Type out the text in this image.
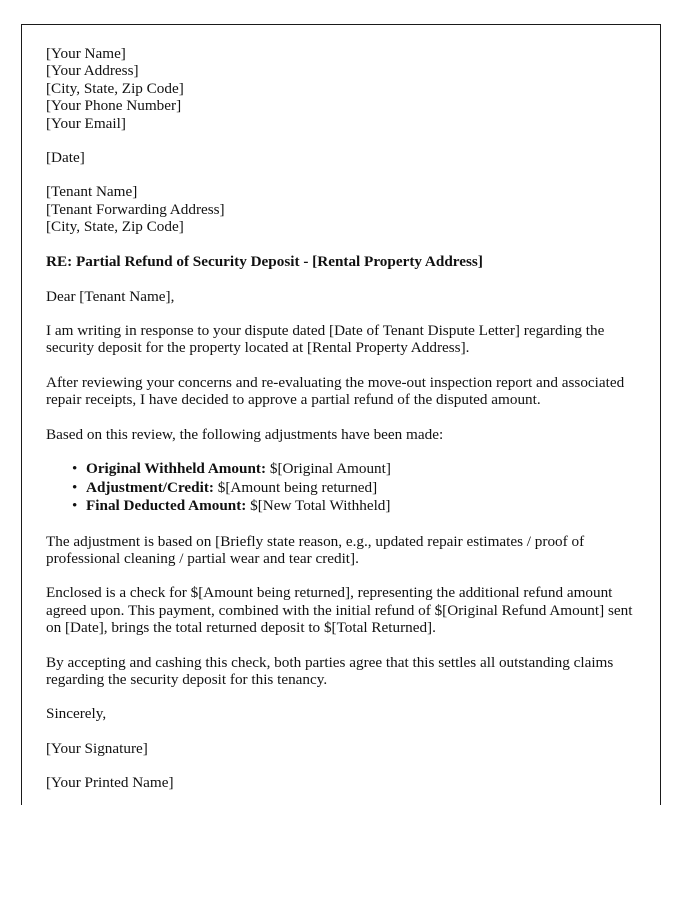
[Your Name]
[Your Address]
[City, State, Zip Code]
[Your Phone Number]
[Your Email]
[Date]
[Tenant Name]
[Tenant Forwarding Address]
[City, State, Zip Code]
RE: Partial Refund of Security Deposit - [Rental Property Address]
Dear [Tenant Name],
I am writing in response to your dispute dated [Date of Tenant Dispute Letter] regarding the security deposit for the property located at [Rental Property Address].
After reviewing your concerns and re-evaluating the move-out inspection report and associated repair receipts, I have decided to approve a partial refund of the disputed amount.
Based on this review, the following adjustments have been made:
• Original Withheld Amount: $[Original Amount]
• Adjustment/Credit: $[Amount being returned]
• Final Deducted Amount: $[New Total Withheld]
The adjustment is based on [Briefly state reason, e.g., updated repair estimates / proof of professional cleaning / partial wear and tear credit].
Enclosed is a check for $[Amount being returned], representing the additional refund amount agreed upon. This payment, combined with the initial refund of $[Original Refund Amount] sent on [Date], brings the total returned deposit to $[Total Returned].
By accepting and cashing this check, both parties agree that this settles all outstanding claims regarding the security deposit for this tenancy.
Sincerely,
[Your Signature]
[Your Printed Name]
